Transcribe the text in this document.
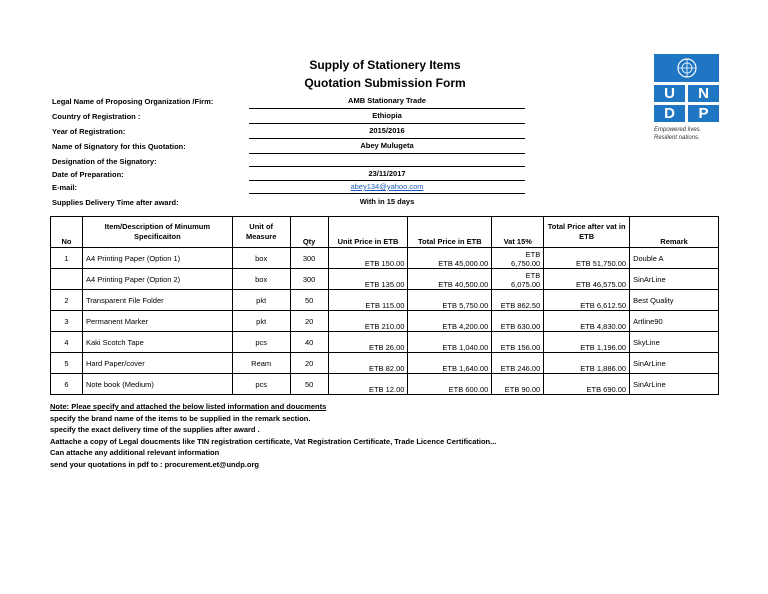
Supply of Stationery Items
Quotation Submission Form
U	N
D	P
Empowered lives.
Resilient nations.
Legal Name of Proposing Organization /Firm:	AMB Stationary Trade
Country of Registration :	Ethiopia
Year of Registration:	2015/2016
Name of Signatory for this Quotation:	Abey Mulugeta
Designation of the Signatory:
Date of Preparation:	23/11/2017
E-mail:	abey134@yahoo.com
Supplies Delivery Time after award:	With in 15 days
No	Item/Description of Minumum Specificaiton	Unit of Measure	Qty	Unit Price in ETB	Total Price in ETB	Vat 15%	Total Price after vat in ETB	Remark
1	A4 Printing Paper (Option 1)	box	300	ETB 150.00	ETB 45,000.00	ETB 6,750.00	ETB 51,750.00	Double A
	A4 Printing Paper (Option 2)	box	300	ETB 135.00	ETB 40,500.00	ETB 6,075.00	ETB 46,575.00	SinArLine
2	Transparent File Folder	pkt	50	ETB 115.00	ETB 5,750.00	ETB 862.50	ETB 6,612.50	Best Quality
3	Permanent Marker	pkt	20	ETB 210.00	ETB 4,200.00	ETB 630.00	ETB 4,830.00	Artline90
4	Kaki Scotch Tape	pcs	40	ETB 26.00	ETB 1,040.00	ETB 156.00	ETB 1,196.00	SkyLine
5	Hard Paper/cover	Ream	20	ETB 82.00	ETB 1,640.00	ETB 246.00	ETB 1,886.00	SinArLine
6	Note book (Medium)	pcs	50	ETB 12.00	ETB 600.00	ETB 90.00	ETB 690.00	SinArLine
Note: Pleae specify and attached the below listed information and doucments
specify the brand name of the items to be supplied in the remark section.
specify the exact delivery time of the supplies after award .
Aattache a copy of Legal doucments like TIN registration certificate, Vat Registration Certificate, Trade Licence Certification...
Can attache any additional relevant information
send your quotations in pdf to : procurement.et@undp.org
